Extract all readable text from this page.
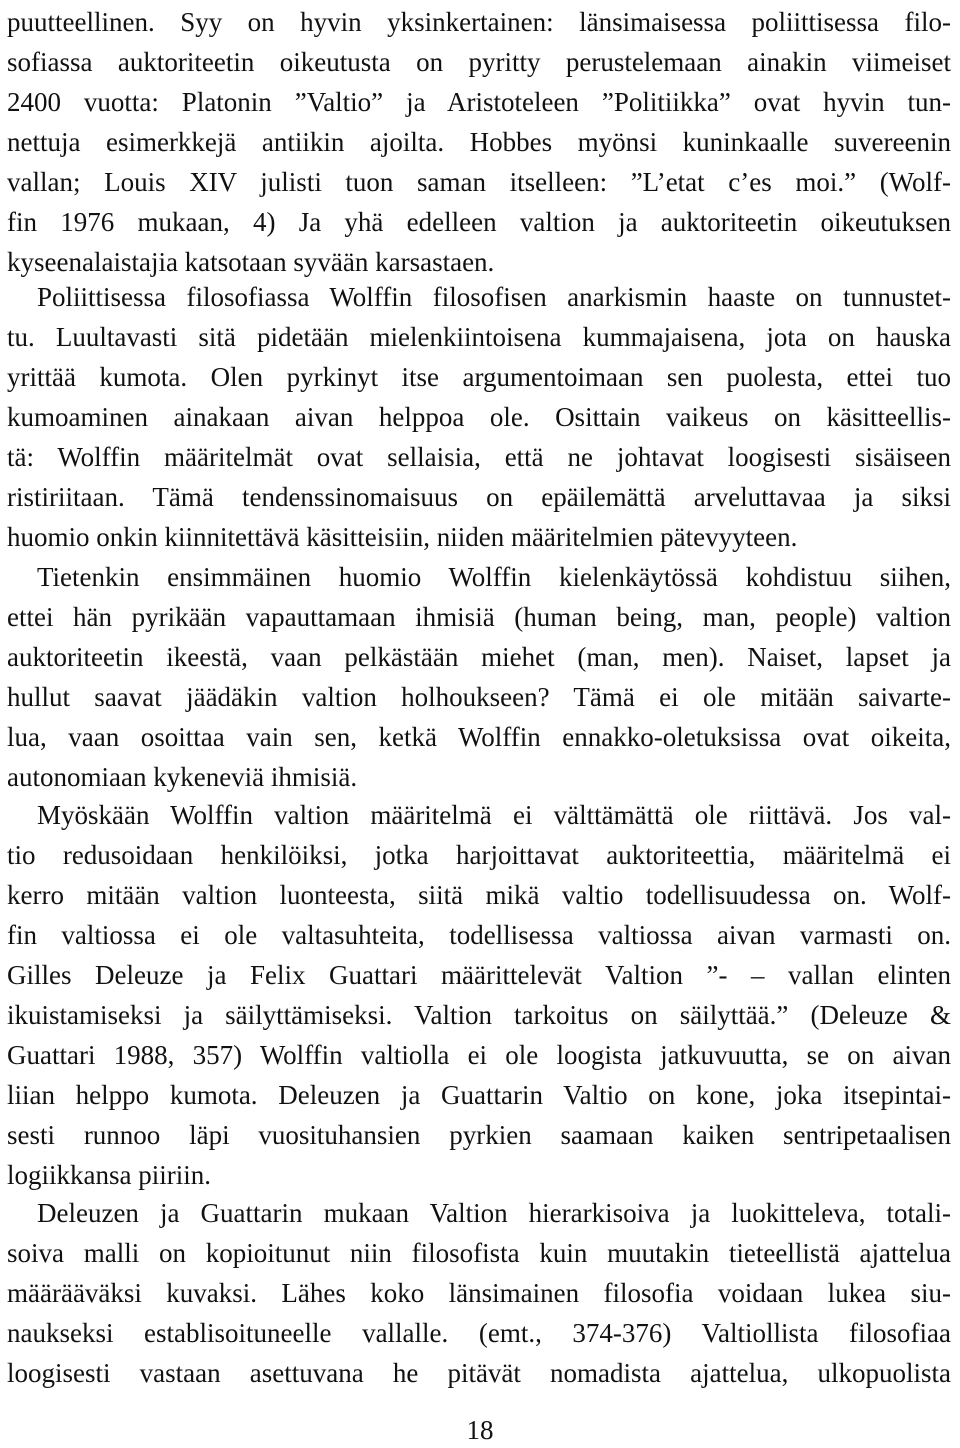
puutteellinen. Syy on hyvin yksinkertainen: länsimaisessa poliittisessa filo-
sofiassa auktoriteetin oikeutusta on pyritty perustelemaan ainakin viimeiset
2400 vuotta: Platonin ”Valtio” ja Aristoteleen ”Politiikka” ovat hyvin tun-
nettuja esimerkkejä antiikin ajoilta. Hobbes myönsi kuninkaalle suvereenin
vallan; Louis XIV julisti tuon saman itselleen: ”L’etat c’es moi.” (Wolf-
fin 1976 mukaan, 4) Ja yhä edelleen valtion ja auktoriteetin oikeutuksen
kyseenalaistajia katsotaan syvään karsastaen.
Poliittisessa filosofiassa Wolffin filosofisen anarkismin haaste on tunnustet-
tu. Luultavasti sitä pidetään mielenkiintoisena kummajaisena, jota on hauska
yrittää kumota. Olen pyrkinyt itse argumentoimaan sen puolesta, ettei tuo
kumoaminen ainakaan aivan helppoa ole. Osittain vaikeus on käsitteellis-
tä: Wolffin määritelmät ovat sellaisia, että ne johtavat loogisesti sisäiseen
ristiriitaan. Tämä tendenssinomaisuus on epäilemättä arveluttavaa ja siksi
huomio onkin kiinnitettävä käsitteisiin, niiden määritelmien pätevyyteen.
Tietenkin ensimmäinen huomio Wolffin kielenkäytössä kohdistuu siihen,
ettei hän pyrikään vapauttamaan ihmisiä (human being, man, people) valtion
auktoriteetin ikeestä, vaan pelkästään miehet (man, men). Naiset, lapset ja
hullut saavat jäädäkin valtion holhoukseen? Tämä ei ole mitään saivarte-
lua, vaan osoittaa vain sen, ketkä Wolffin ennakko-oletuksissa ovat oikeita,
autonomiaan kykeneviä ihmisiä.
Myöskään Wolffin valtion määritelmä ei välttämättä ole riittävä. Jos val-
tio redusoidaan henkilöiksi, jotka harjoittavat auktoriteettia, määritelmä ei
kerro mitään valtion luonteesta, siitä mikä valtio todellisuudessa on. Wolf-
fin valtiossa ei ole valtasuhteita, todellisessa valtiossa aivan varmasti on.
Gilles Deleuze ja Felix Guattari määrittelevät Valtion ”- – vallan elinten
ikuistamiseksi ja säilyttämiseksi. Valtion tarkoitus on säilyttää.” (Deleuze &
Guattari 1988, 357) Wolffin valtiolla ei ole loogista jatkuvuutta, se on aivan
liian helppo kumota. Deleuzen ja Guattarin Valtio on kone, joka itsepintai-
sesti runnoo läpi vuosituhansien pyrkien saamaan kaiken sentripetaalisen
logiikkansa piiriin.
Deleuzen ja Guattarin mukaan Valtion hierarkisoiva ja luokitteleva, totali-
soiva malli on kopioitunut niin filosofista kuin muutakin tieteellistä ajattelua
määrääväksi kuvaksi. Lähes koko länsimainen filosofia voidaan lukea siu-
naukseksi establisoituneelle vallalle. (emt., 374-376) Valtiollista filosofiaa
loogisesti vastaan asettuvana he pitävät nomadista ajattelua, ulkopuolista
18
